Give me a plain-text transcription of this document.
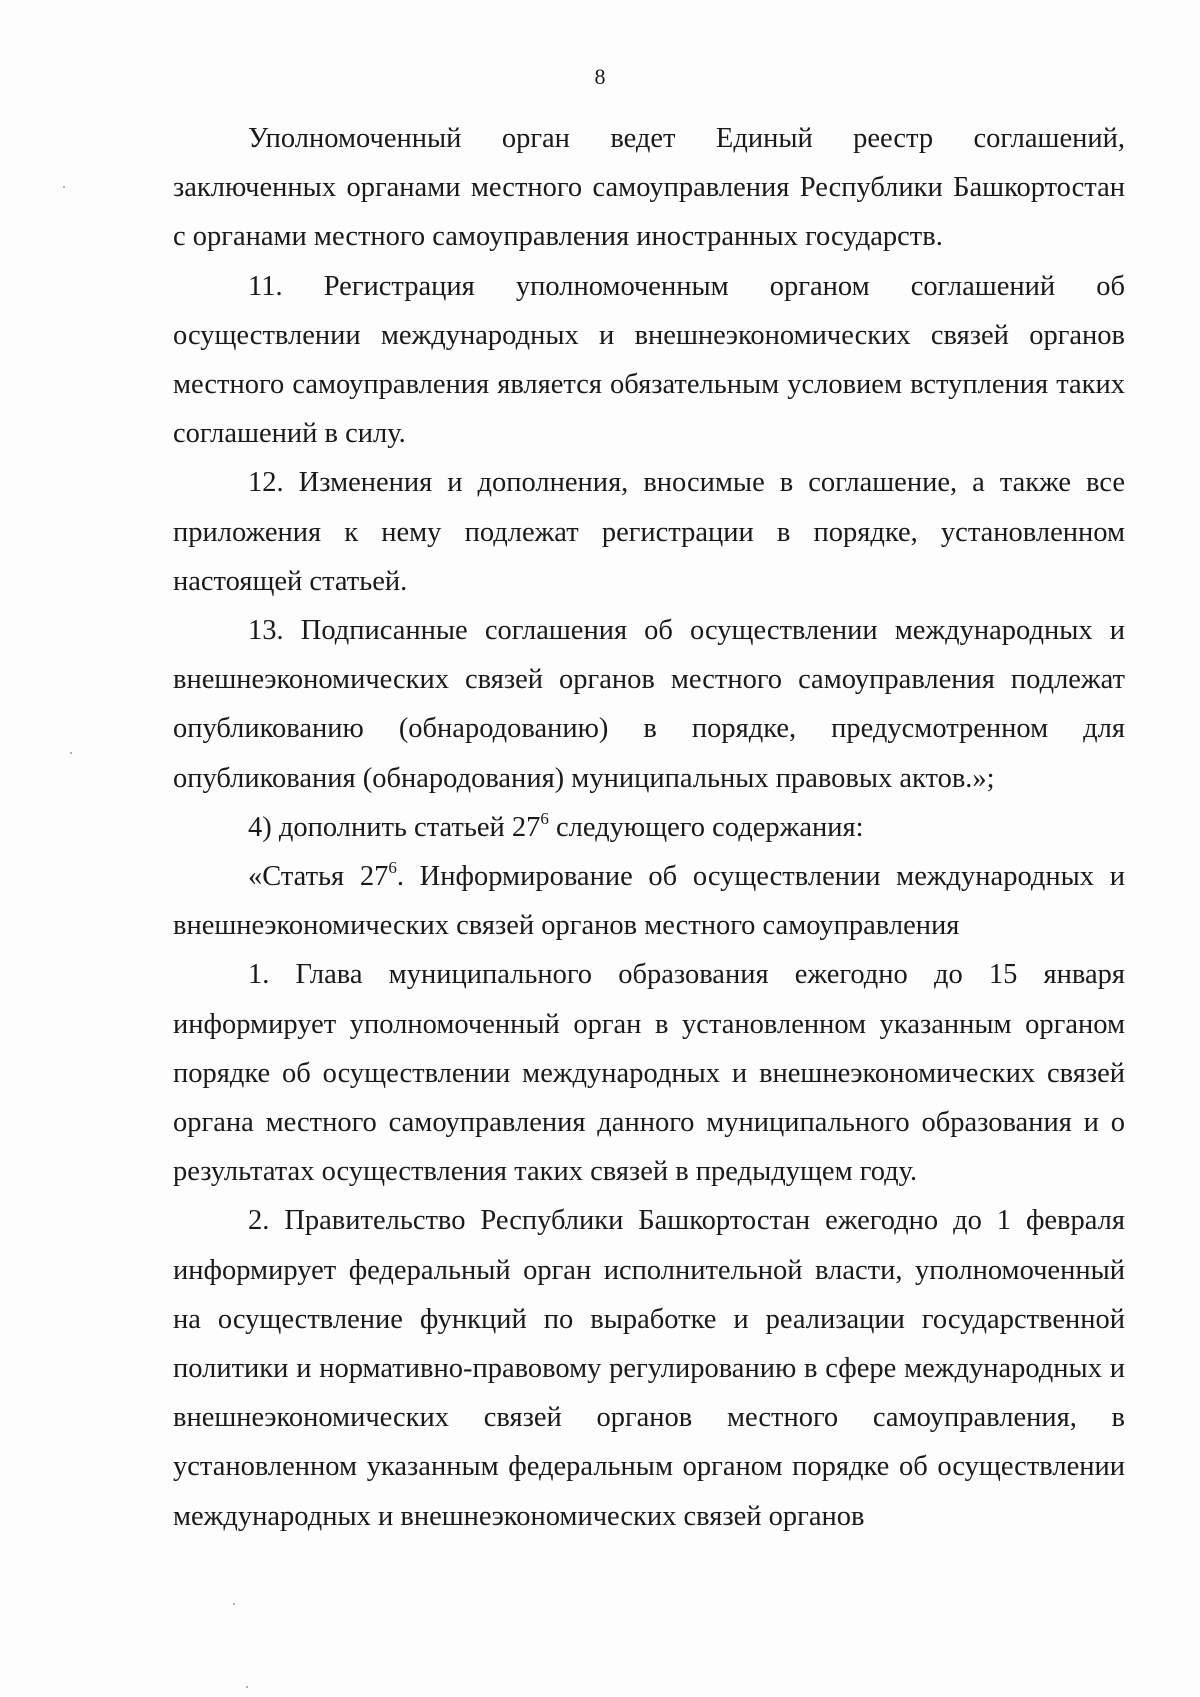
8

Уполномоченный орган ведет Единый реестр соглашений, заключенных органами местного самоуправления Республики Башкортостан с органами местного самоуправления иностранных государств.

11. Регистрация уполномоченным органом соглашений об осуществлении международных и внешнеэкономических связей органов местного самоуправления является обязательным условием вступления таких соглашений в силу.

12. Изменения и дополнения, вносимые в соглашение, а также все приложения к нему подлежат регистрации в порядке, установленном настоящей статьей.

13. Подписанные соглашения об осуществлении международных и внешнеэкономических связей органов местного самоуправления подлежат опубликованию (обнародованию) в порядке, предусмотренном для опубликования (обнародования) муниципальных правовых актов.»;

4) дополнить статьей $27^6$ следующего содержания:

«Статья $27^6$. Информирование об осуществлении международных и внешнеэкономических связей органов местного самоуправления

1. Глава муниципального образования ежегодно до 15 января информирует уполномоченный орган в установленном указанным органом порядке об осуществлении международных и внешнеэкономических связей органа местного самоуправления данного муниципального образования и о результатах осуществления таких связей в предыдущем году.

2. Правительство Республики Башкортостан ежегодно до 1 февраля информирует федеральный орган исполнительной власти, уполномоченный на осуществление функций по выработке и реализации государственной политики и нормативно-правовому регулированию в сфере международных и внешнеэкономических связей органов местного самоуправления, в установленном указанным федеральным органом порядке об осуществлении международных и внешнеэкономических связей органов
